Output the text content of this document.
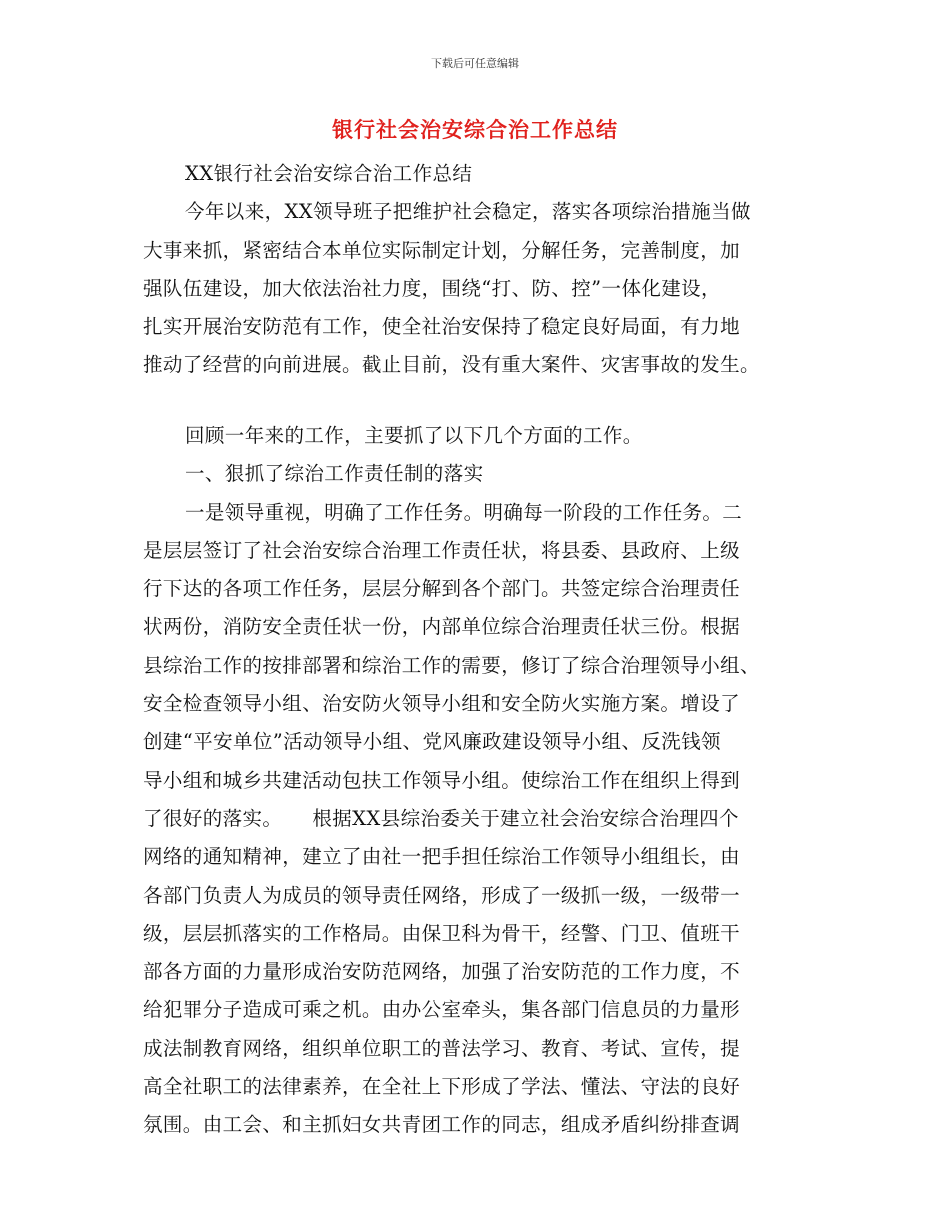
下载后可任意编辑
银行社会治安综合治工作总结
XX银行社会治安综合治工作总结
今年以来，XX领导班子把维护社会稳定，落实各项综治措施当做
大事来抓，紧密结合本单位实际制定计划，分解任务，完善制度，加
强队伍建设，加大依法治社力度，围绕“打、防、控”一体化建设，
扎实开展治安防范有工作，使全社治安保持了稳定良好局面，有力地
推动了经营的向前进展。截止目前，没有重大案件、灾害事故的发生。
回顾一年来的工作，主要抓了以下几个方面的工作。
一、狠抓了综治工作责任制的落实
一是领导重视，明确了工作任务。明确每一阶段的工作任务。二
是层层签订了社会治安综合治理工作责任状，将县委、县政府、上级
行下达的各项工作任务，层层分解到各个部门。共签定综合治理责任
状两份，消防安全责任状一份，内部单位综合治理责任状三份。根据
县综治工作的按排部署和综治工作的需要，修订了综合治理领导小组、
安全检查领导小组、治安防火领导小组和安全防火实施方案。增设了
创建“平安单位”活动领导小组、党风廉政建设领导小组、反洗钱领
导小组和城乡共建活动包扶工作领导小组。使综治工作在组织上得到
了很好的落实。　　根据XX县综治委关于建立社会治安综合治理四个
网络的通知精神，建立了由社一把手担任综治工作领导小组组长，由
各部门负责人为成员的领导责任网络，形成了一级抓一级，一级带一
级，层层抓落实的工作格局。由保卫科为骨干，经警、门卫、值班干
部各方面的力量形成治安防范网络，加强了治安防范的工作力度，不
给犯罪分子造成可乘之机。由办公室牵头，集各部门信息员的力量形
成法制教育网络，组织单位职工的普法学习、教育、考试、宣传，提
高全社职工的法律素养，在全社上下形成了学法、懂法、守法的良好
氛围。由工会、和主抓妇女共青团工作的同志，组成矛盾纠纷排查调
